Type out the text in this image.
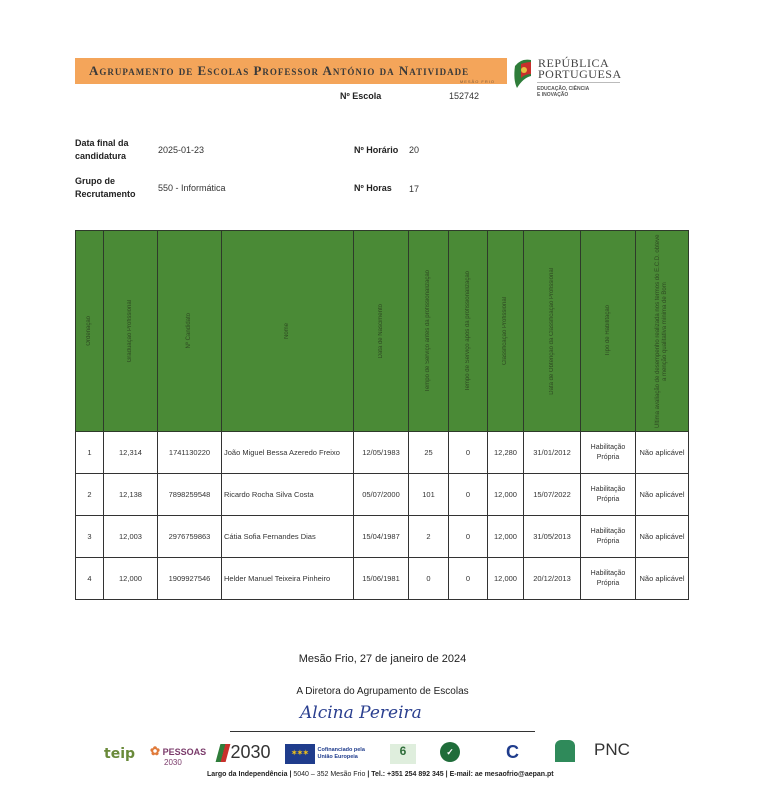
Agrupamento de Escolas Professor António da Natividade
MESÃO FRIO
REPÚBLICA
PORTUGUESA
EDUCAÇÃO, CIÊNCIA
E INOVAÇÃO
Nº Escola	152742
Data final da candidatura
2025-01-23
Grupo de Recrutamento
550 - Informática
Nº Horário 20
Nº Horas 17
Ordenação	Graduação Profissional	Nº Candidato	Nome	Data de Nascimento	Tempo de Serviço antes da profissionalização	Tempo de Serviço após da profissionalização	Classificação Profissional	Data de Obtenção da Classificação Profissional	Tipo de Habilitação	Última avaliação de desempenho realizada nos termos do E.C.D. obteve a menção qualitativa mínima de Bom

1	12,314	1741130220	João Miguel Bessa Azeredo Freixo	12/05/1983	25	0	12,280	31/01/2012	Habilitação Própria	Não aplicável
2	12,138	7898259548	Ricardo Rocha Silva Costa	05/07/2000	101	0	12,000	15/07/2022	Habilitação Própria	Não aplicável
3	12,003	2976759863	Cátia Sofia Fernandes Dias	15/04/1987	2	0	12,000	31/05/2013	Habilitação Própria	Não aplicável
4	12,000	1909927546	Helder Manuel Teixeira Pinheiro	15/06/1981	0	0	12,000	20/12/2013	Habilitação Própria	Não aplicável
Mesão Frio, 27 de janeiro de 2024
A Diretora do Agrupamento de Escolas
Alcina Pereira
teip ✿ PESSOAS
2030
2030	✶✶✶ Cofinanciado pela
União Europeia	6	✓	C	PNC
Largo da Independência | 5040 – 352 Mesão Frio | Tel.: +351 254 892 345 | E-mail: ae mesaofrio@aepan.pt
